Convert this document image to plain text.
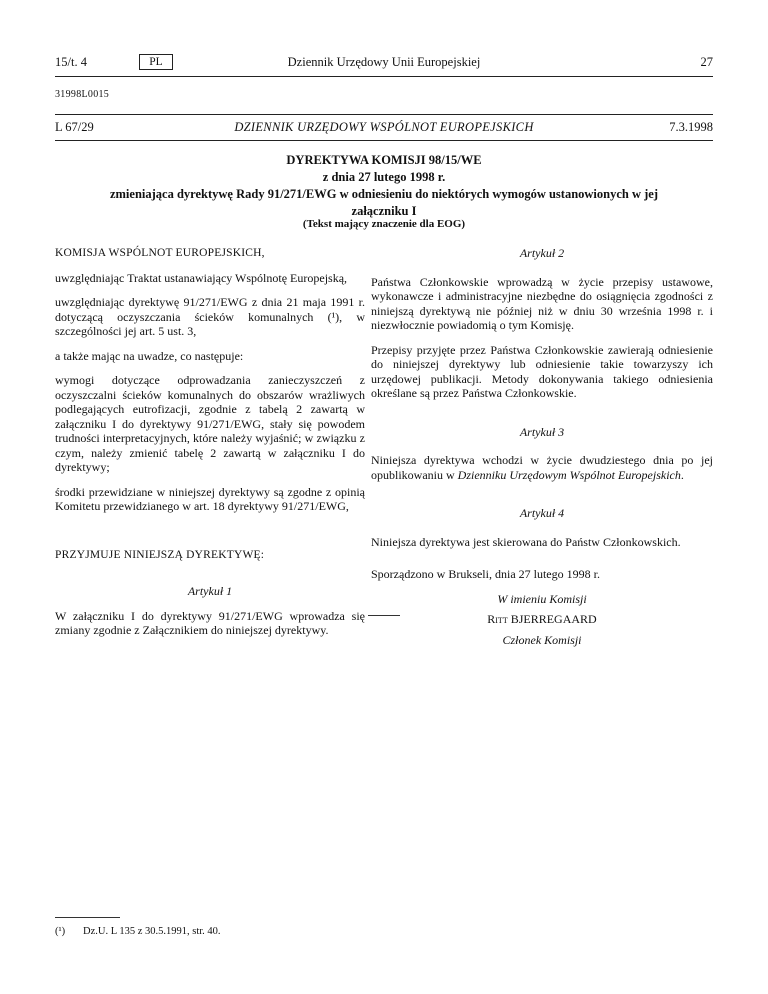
15/t. 4	PL	Dziennik Urzędowy Unii Europejskiej	27
31998L0015
L 67/29	DZIENNIK URZĘDOWY WSPÓLNOT EUROPEJSKICH	7.3.1998
DYREKTYWA KOMISJI 98/15/WE
z dnia 27 lutego 1998 r.
zmieniająca dyrektywę Rady 91/271/EWG w odniesieniu do niektórych wymogów ustanowionych w jej
załączniku I
(Tekst mający znaczenie dla EOG)

KOMISJA WSPÓLNOT EUROPEJSKICH,

uwzględniając Traktat ustanawiający Wspólnotę Europejską,

uwzględniając dyrektywę 91/271/EWG z dnia 21 maja 1991 r. dotyczącą oczyszczania ścieków komunalnych (¹), w szczególności jej art. 5 ust. 3,

a także mając na uwadze, co następuje:

wymogi dotyczące odprowadzania zanieczyszczeń z oczyszczalni ścieków komunalnych do obszarów wrażliwych podlegających eutrofizacji, zgodnie z tabelą 2 zawartą w załączniku I do dyrektywy 91/271/EWG, stały się powodem trudności interpretacyjnych, które należy wyjaśnić; w związku z czym, należy zmienić tabelę 2 zawartą w załączniku I do dyrektywy;

środki przewidziane w niniejszej dyrektywy są zgodne z opinią Komitetu przewidzianego w art. 18 dyrektywy 91/271/EWG,

PRZYJMUJE NINIEJSZĄ DYREKTYWĘ:

Artykuł 1

W załączniku I do dyrektywy 91/271/EWG wprowadza się zmiany zgodnie z Załącznikiem do niniejszej dyrektywy.

Artykuł 2

Państwa Członkowskie wprowadzą w życie przepisy ustawowe, wykonawcze i administracyjne niezbędne do osiągnięcia zgodności z niniejszą dyrektywą nie później niż w dniu 30 września 1998 r. i niezwłocznie powiadomią o tym Komisję.

Przepisy przyjęte przez Państwa Członkowskie zawierają odniesienie do niniejszej dyrektywy lub odniesienie takie towarzyszy ich urzędowej publikacji. Metody dokonywania takiego odniesienia określane są przez Państwa Członkowskie.

Artykuł 3

Niniejsza dyrektywa wchodzi w życie dwudziestego dnia po jej opublikowaniu w Dzienniku Urzędowym Wspólnot Europejskich.

Artykuł 4

Niniejsza dyrektywa jest skierowana do Państw Członkowskich.

Sporządzono w Brukseli, dnia 27 lutego 1998 r.

W imieniu Komisji

Ritt BJERREGAARD

Członek Komisji

(¹) Dz.U. L 135 z 30.5.1991, str. 40.
